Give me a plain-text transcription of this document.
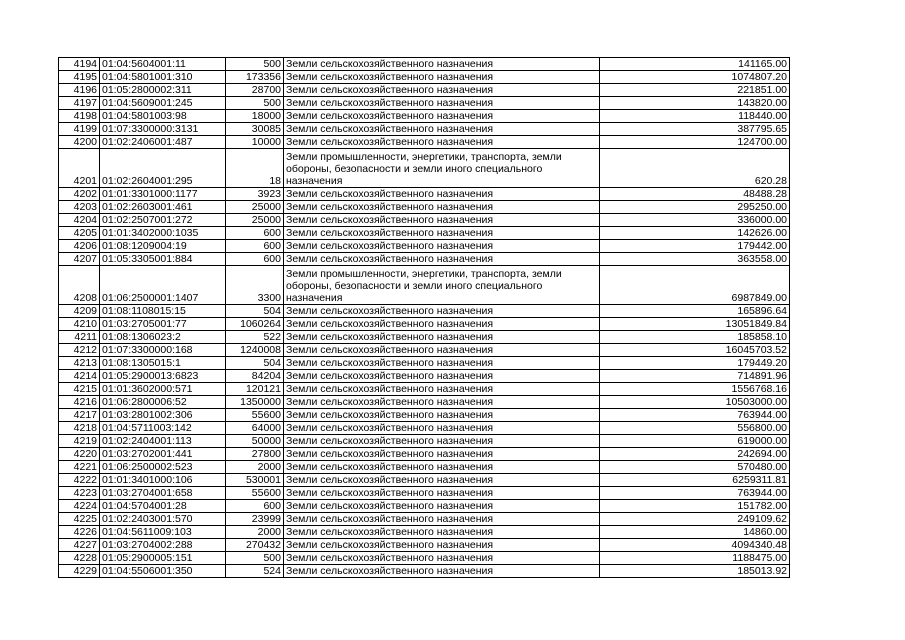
4194	01:04:5604001:11	500	Земли сельскохозяйственного назначения	141165.00
4195	01:04:5801001:310	173356	Земли сельскохозяйственного назначения	1074807.20
4196	01:05:2800002:311	28700	Земли сельскохозяйственного назначения	221851.00
4197	01:04:5609001:245	500	Земли сельскохозяйственного назначения	143820.00
4198	01:04:5801003:98	18000	Земли сельскохозяйственного назначения	118440.00
4199	01:07:3300000:3131	30085	Земли сельскохозяйственного назначения	387795.65
4200	01:02:2406001:487	10000	Земли сельскохозяйственного назначения	124700.00
4201	01:02:2604001:295	18	Земли промышленности, энергетики, транспорта, земли
обороны, безопасности и земли иного специального
назначения	620.28
4202	01:01:3301000:1177	3923	Земли сельскохозяйственного назначения	48488.28
4203	01:02:2603001:461	25000	Земли сельскохозяйственного назначения	295250.00
4204	01:02:2507001:272	25000	Земли сельскохозяйственного назначения	336000.00
4205	01:01:3402000:1035	600	Земли сельскохозяйственного назначения	142626.00
4206	01:08:1209004:19	600	Земли сельскохозяйственного назначения	179442.00
4207	01:05:3305001:884	600	Земли сельскохозяйственного назначения	363558.00
4208	01:06:2500001:1407	3300	Земли промышленности, энергетики, транспорта, земли
обороны, безопасности и земли иного специального
назначения	6987849.00
4209	01:08:1108015:15	504	Земли сельскохозяйственного назначения	165896.64
4210	01:03:2705001:77	1060264	Земли сельскохозяйственного назначения	13051849.84
4211	01:08:1306023:2	522	Земли сельскохозяйственного назначения	185858.10
4212	01:07:3300000:168	1240008	Земли сельскохозяйственного назначения	16045703.52
4213	01:08:1305015:1	504	Земли сельскохозяйственного назначения	179449.20
4214	01:05:2900013:6823	84204	Земли сельскохозяйственного назначения	714891.96
4215	01:01:3602000:571	120121	Земли сельскохозяйственного назначения	1556768.16
4216	01:06:2800006:52	1350000	Земли сельскохозяйственного назначения	10503000.00
4217	01:03:2801002:306	55600	Земли сельскохозяйственного назначения	763944.00
4218	01:04:5711003:142	64000	Земли сельскохозяйственного назначения	556800.00
4219	01:02:2404001:113	50000	Земли сельскохозяйственного назначения	619000.00
4220	01:03:2702001:441	27800	Земли сельскохозяйственного назначения	242694.00
4221	01:06:2500002:523	2000	Земли сельскохозяйственного назначения	570480.00
4222	01:01:3401000:106	530001	Земли сельскохозяйственного назначения	6259311.81
4223	01:03:2704001:658	55600	Земли сельскохозяйственного назначения	763944.00
4224	01:04:5704001:28	600	Земли сельскохозяйственного назначения	151782.00
4225	01:02:2403001:570	23999	Земли сельскохозяйственного назначения	249109.62
4226	01:04:5611009:103	2000	Земли сельскохозяйственного назначения	14860.00
4227	01:03:2704002:288	270432	Земли сельскохозяйственного назначения	4094340.48
4228	01:05:2900005:151	500	Земли сельскохозяйственного назначения	1188475.00
4229	01:04:5506001:350	524	Земли сельскохозяйственного назначения	185013.92
